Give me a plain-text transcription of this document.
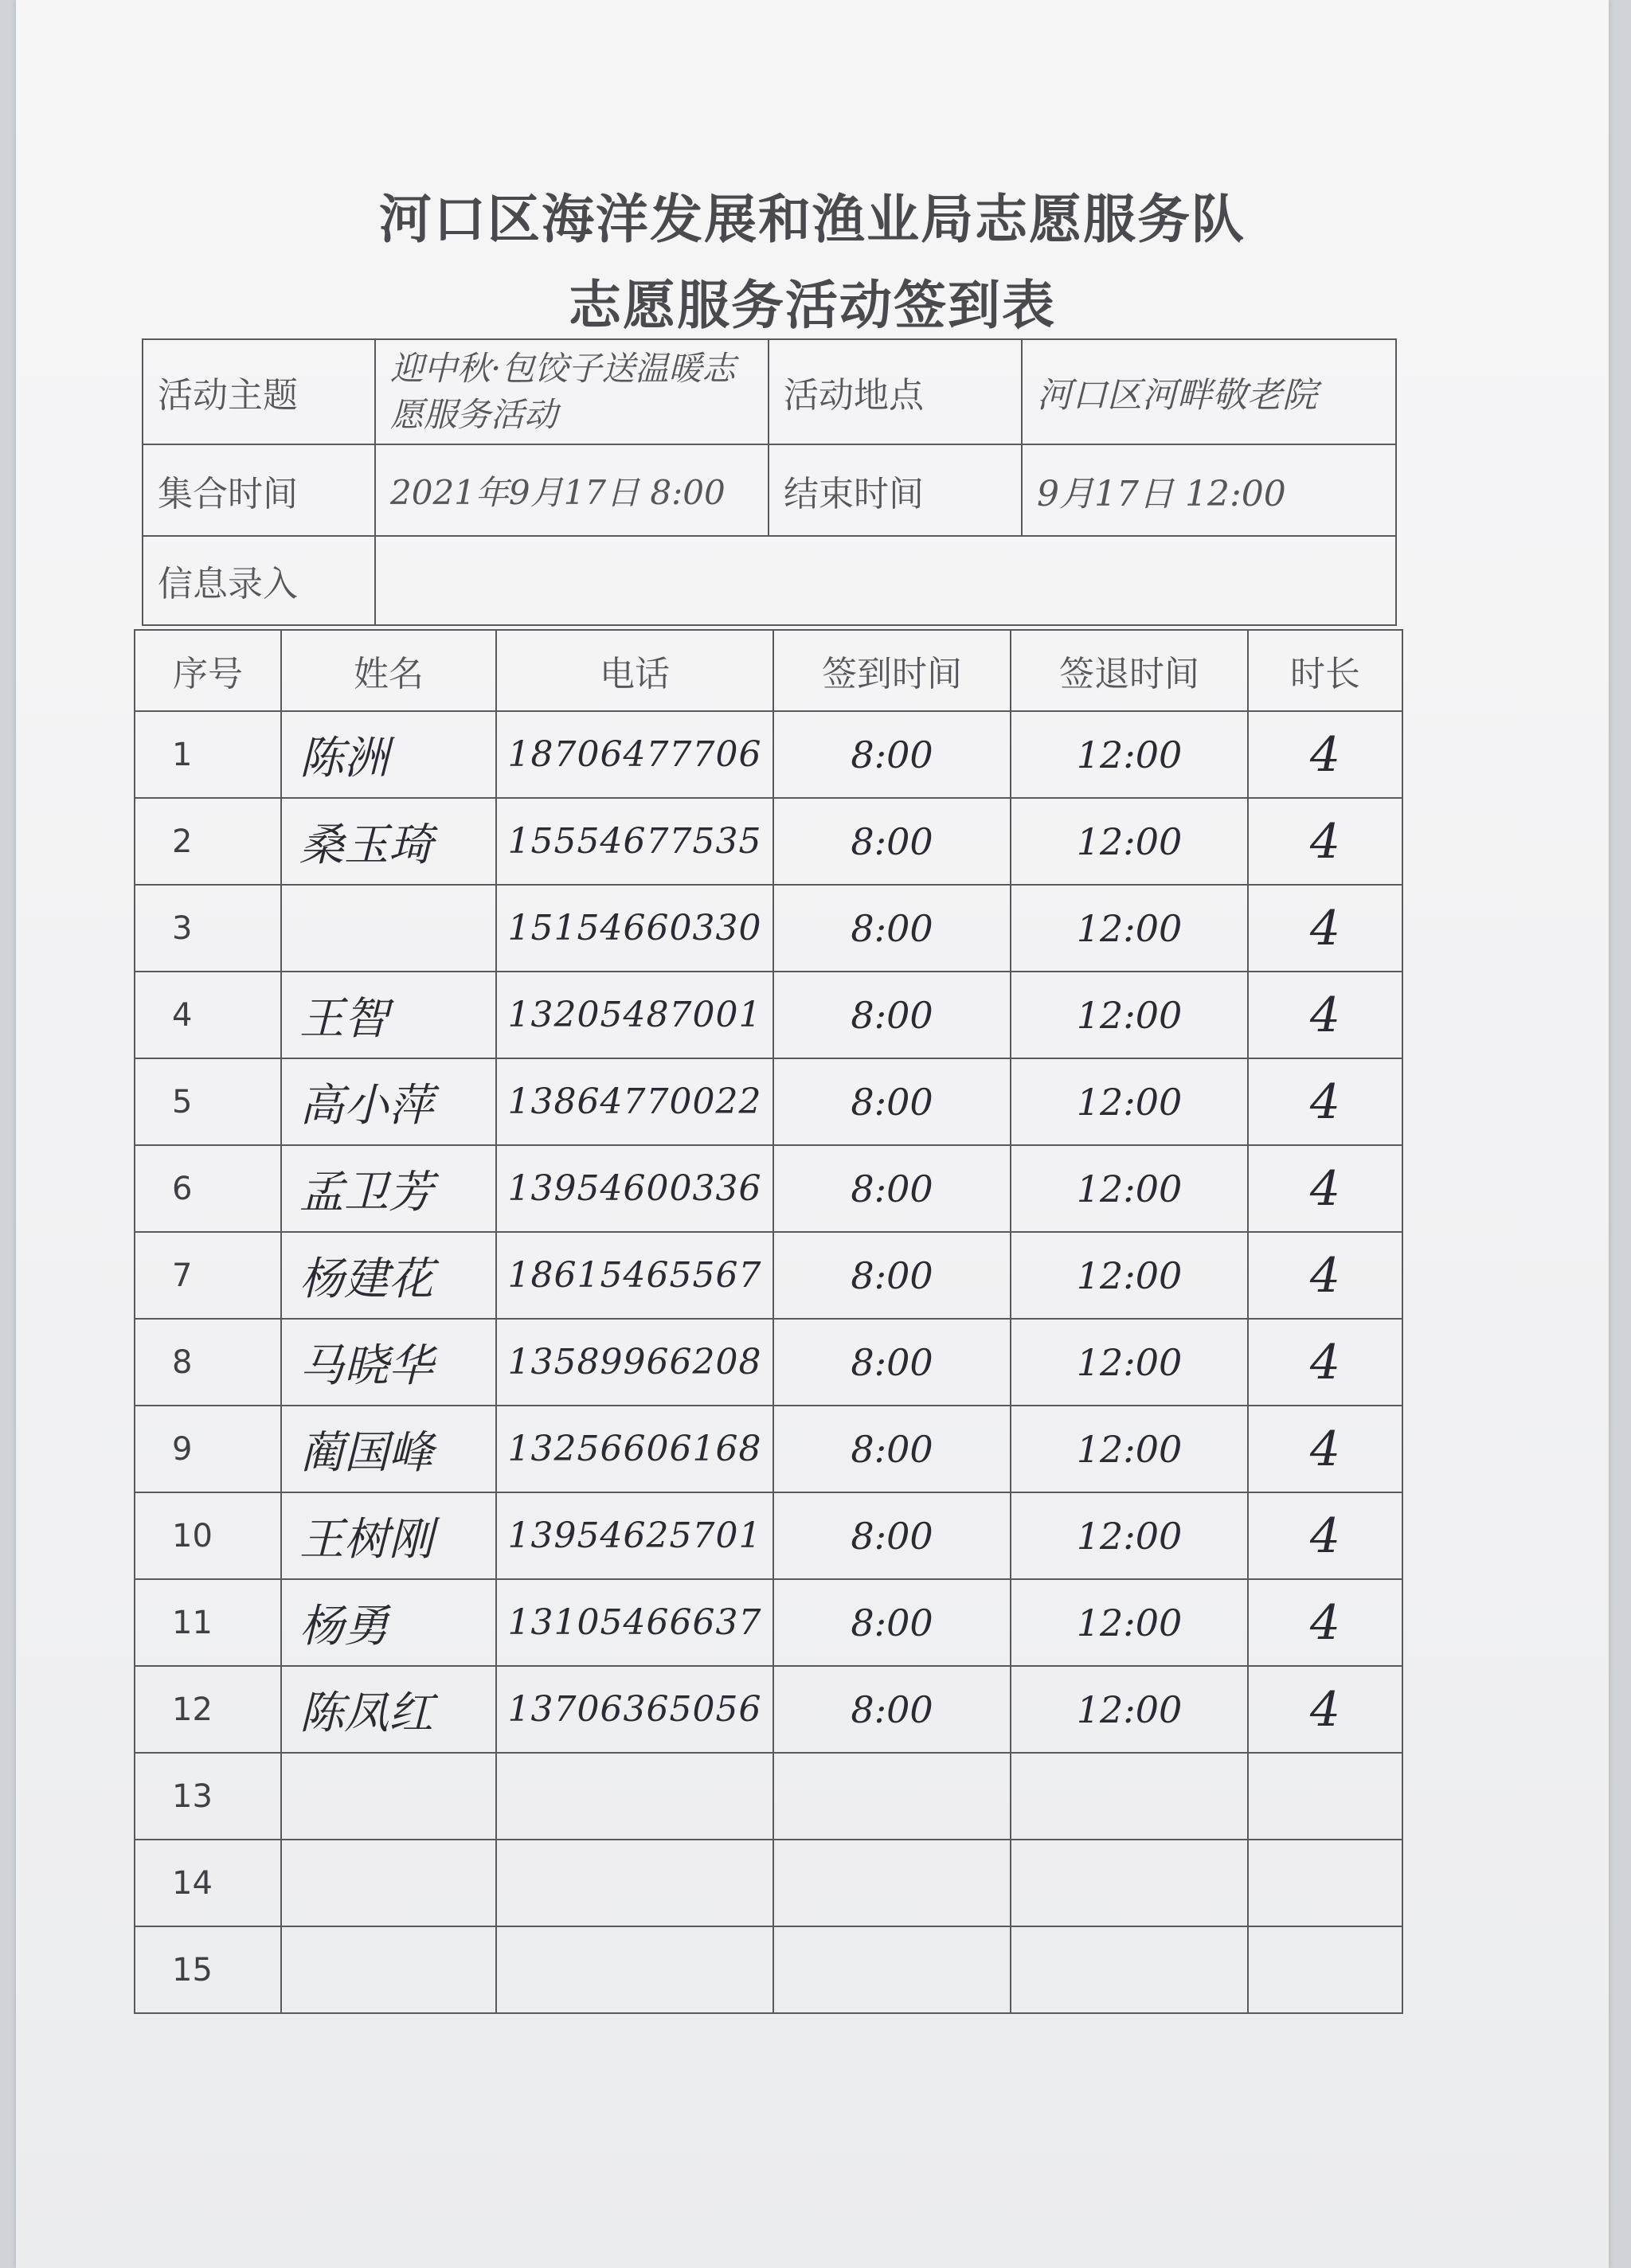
河口区海洋发展和渔业局志愿服务队
志愿服务活动签到表
活动主题	迎中秋·包饺子送温暖志愿服务活动	活动地点	河口区河畔敬老院
集合时间	2021年9月17日 8:00	结束时间	9月17日 12:00
信息录入			
序号	姓名	电话	签到时间	签退时间	时长
1	陈洲	18706477706	8:00	12:00	4
2	桑玉琦	15554677535	8:00	12:00	4
3		15154660330	8:00	12:00	4
4	王智	13205487001	8:00	12:00	4
5	高小萍	13864770022	8:00	12:00	4
6	孟卫芳	13954600336	8:00	12:00	4
7	杨建花	18615465567	8:00	12:00	4
8	马晓华	13589966208	8:00	12:00	4
9	蔺国峰	13256606168	8:00	12:00	4
10	王树刚	13954625701	8:00	12:00	4
11	杨勇	13105466637	8:00	12:00	4
12	陈凤红	13706365056	8:00	12:00	4
13					
14					
15					
